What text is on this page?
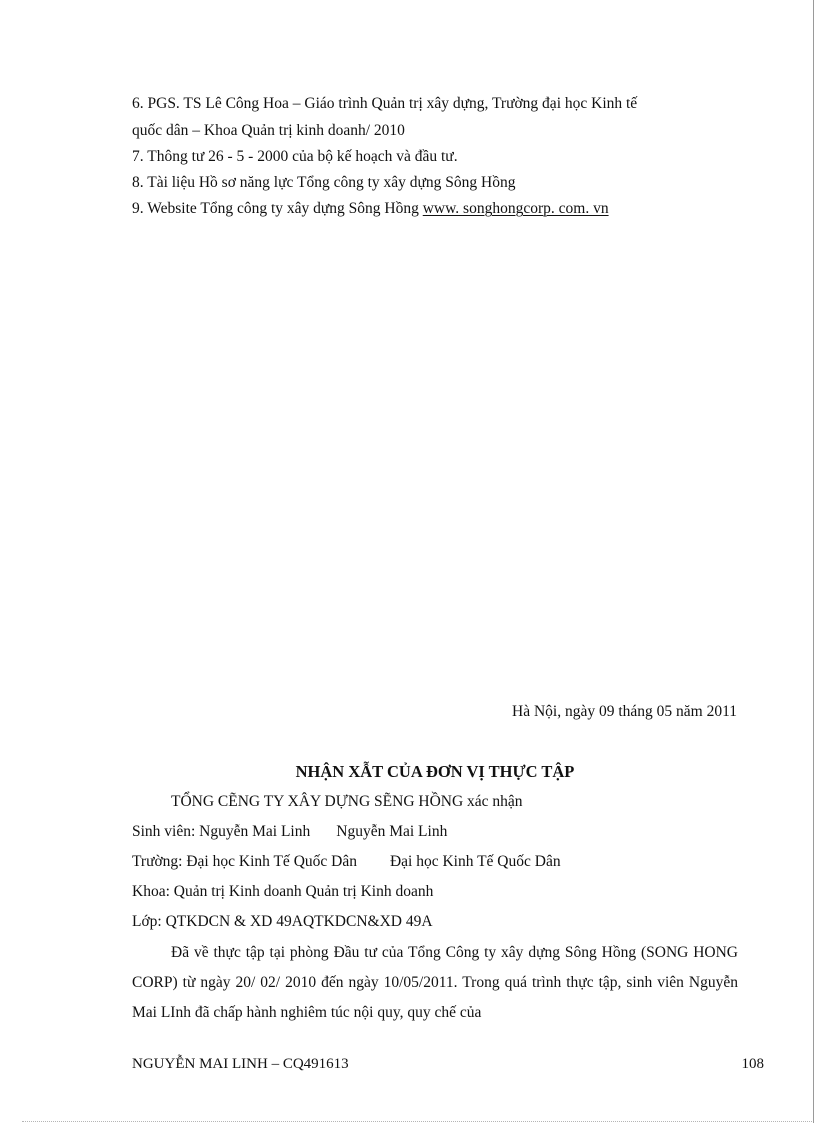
6. PGS. TS Lê Công Hoa – Giáo trình Quản trị xây dựng, Trường đại học Kinh tế

quốc dân – Khoa Quản trị kinh doanh/ 2010

7. Thông tư 26 - 5 - 2000 của bộ kế hoạch và đầu tư.

8. Tài liệu Hồ sơ năng lực Tổng công ty xây dựng Sông Hồng

9. Website Tổng công ty xây dựng Sông Hồng www. songhongcorp. com. vn

Hà Nội, ngày 09 tháng 05 năm 2011

NHẬN XẪT CỦA ĐƠN VỊ THỰC TẬP

TỔNG CẼNG TY XÂY DỰNG SẼNG HỒNG xác nhận

Sinh viên: Nguyễn Mai Linh Nguyễn Mai Linh

Trường: Đại học Kinh Tế Quốc Dân Đại học Kinh Tế Quốc Dân

Khoa: Quản trị Kinh doanh Quản trị Kinh doanh

Lớp: QTKDCN & XD 49AQTKDCN&XD 49A

Đã về thực tập tại phòng Đầu tư của Tổng Công ty xây dựng Sông Hồng (SONG HONG CORP) từ ngày 20/ 02/ 2010 đến ngày 10/05/2011. Trong quá trình thực tập, sinh viên Nguyễn Mai LInh đã chấp hành nghiêm túc nội quy, quy chế của

NGUYỄN MAI LINH – CQ491613	108
